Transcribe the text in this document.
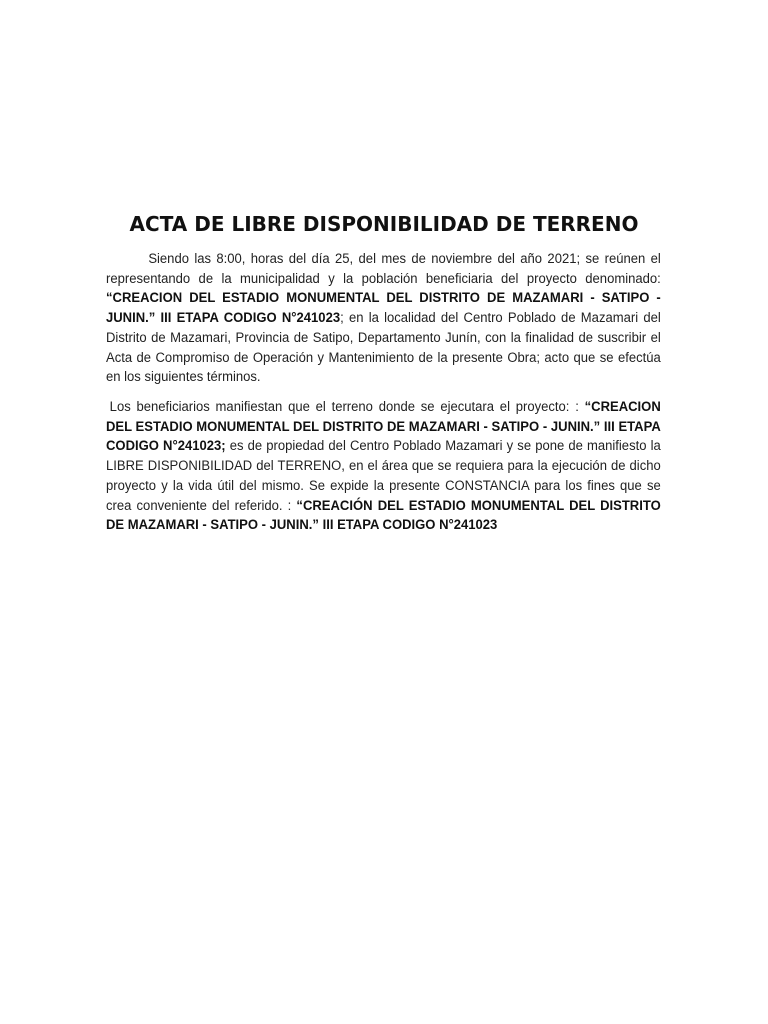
ACTA DE LIBRE DISPONIBILIDAD DE TERRENO

Siendo las 8:00, horas del día 25, del mes de noviembre del año 2021; se reúnen el representando de la municipalidad y la población beneficiaria del proyecto denominado: “CREACION DEL ESTADIO MONUMENTAL DEL DISTRITO DE MAZAMARI - SATIPO - JUNIN.” III ETAPA CODIGO N°241023; en la localidad del Centro Poblado de Mazamari del Distrito de Mazamari, Provincia de Satipo, Departamento Junín, con la finalidad de suscribir el Acta de Compromiso de Operación y Mantenimiento de la presente Obra; acto que se efectúa en los siguientes términos.

Los beneficiarios manifiestan que el terreno donde se ejecutara el proyecto: : “CREACION DEL ESTADIO MONUMENTAL DEL DISTRITO DE MAZAMARI - SATIPO - JUNIN.” III ETAPA CODIGO N°241023; es de propiedad del Centro Poblado Mazamari y se pone de manifiesto la LIBRE DISPONIBILIDAD del TERRENO, en el área que se requiera para la ejecución de dicho proyecto y la vida útil del mismo. Se expide la presente CONSTANCIA para los fines que se crea conveniente del referido. : “CREACIÓN DEL ESTADIO MONUMENTAL DEL DISTRITO DE MAZAMARI - SATIPO - JUNIN.” III ETAPA CODIGO N°241023
